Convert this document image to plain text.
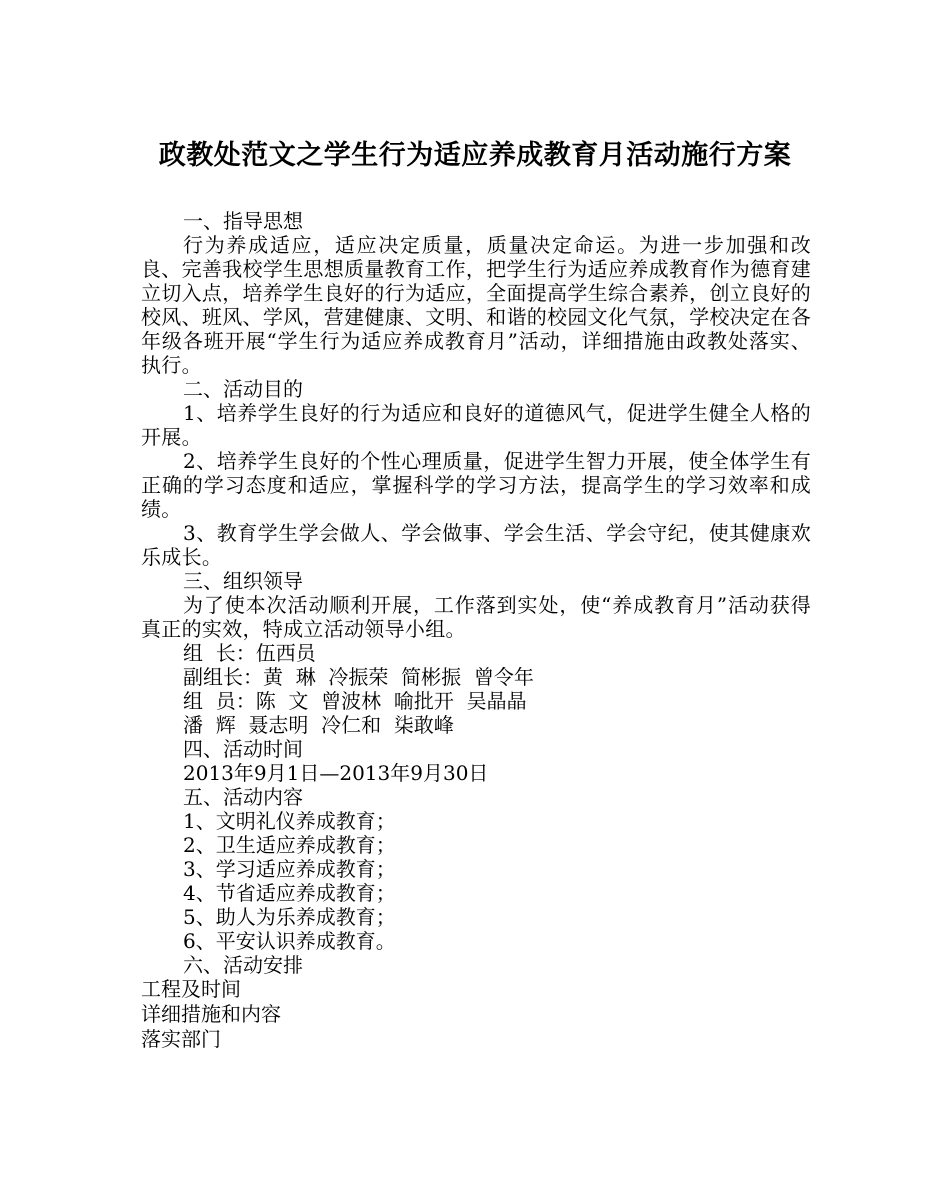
政教处范文之学生行为适应养成教育月活动施行方案

一、指导思想

行为养成适应，适应决定质量，质量决定命运。为进一步加强和改良、完善我校学生思想质量教育工作，把学生行为适应养成教育作为德育建立切入点，培养学生良好的行为适应，全面提高学生综合素养，创立良好的校风、班风、学风，营建健康、文明、和谐的校园文化气氛，学校决定在各年级各班开展“学生行为适应养成教育月”活动，详细措施由政教处落实、执行。

二、活动目的

1、培养学生良好的行为适应和良好的道德风气，促进学生健全人格的开展。

2、培养学生良好的个性心理质量，促进学生智力开展，使全体学生有正确的学习态度和适应，掌握科学的学习方法，提高学生的学习效率和成绩。

3、教育学生学会做人、学会做事、学会生活、学会守纪，使其健康欢乐成长。

三、组织领导

为了使本次活动顺利开展，工作落到实处，使“养成教育月”活动获得真正的实效，特成立活动领导小组。

组  长：伍西员

副组长：黄  琳  冷振荣  简彬振  曾令年

组  员：陈  文  曾波林  喻批开  吴晶晶

潘  辉  聂志明  冷仁和  柒敢峰

四、活动时间

2013年9月1日—2013年9月30日

五、活动内容

1、文明礼仪养成教育；

2、卫生适应养成教育；

3、学习适应养成教育；

4、节省适应养成教育；

5、助人为乐养成教育；

6、平安认识养成教育。

六、活动安排

工程及时间

详细措施和内容

落实部门
